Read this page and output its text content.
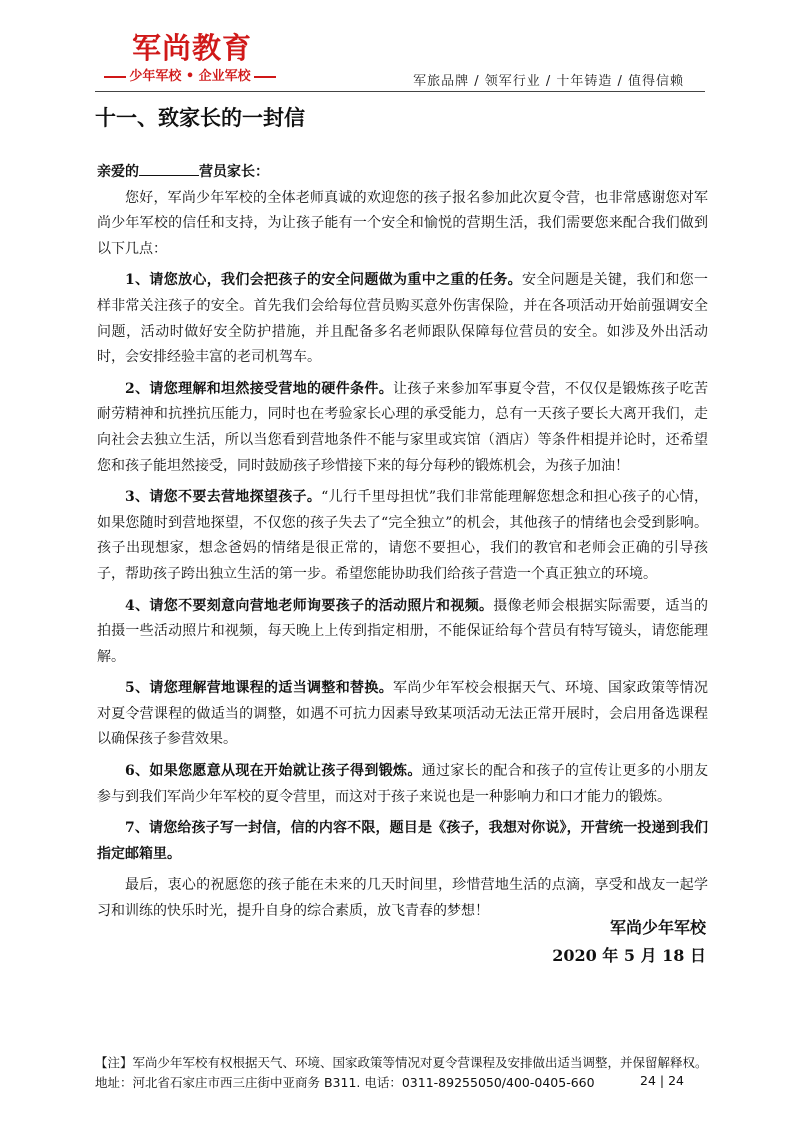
军尚教育
少年军校 • 企业军校	军旅品牌 / 领军行业 / 十年铸造 / 值得信赖
十一、致家长的一封信

亲爱的	营员家长：

您好，军尚少年军校的全体老师真诚的欢迎您的孩子报名参加此次夏令营，也非常感谢您对军尚少年军校的信任和支持，为让孩子能有一个安全和愉悦的营期生活，我们需要您来配合我们做到以下几点：

1、请您放心，我们会把孩子的安全问题做为重中之重的任务。安全问题是关键，我们和您一样非常关注孩子的安全。首先我们会给每位营员购买意外伤害保险，并在各项活动开始前强调安全问题，活动时做好安全防护措施，并且配备多名老师跟队保障每位营员的安全。如涉及外出活动时，会安排经验丰富的老司机驾车。

2、请您理解和坦然接受营地的硬件条件。让孩子来参加军事夏令营，不仅仅是锻炼孩子吃苦耐劳精神和抗挫抗压能力，同时也在考验家长心理的承受能力，总有一天孩子要长大离开我们，走向社会去独立生活，所以当您看到营地条件不能与家里或宾馆（酒店）等条件相提并论时，还希望您和孩子能坦然接受，同时鼓励孩子珍惜接下来的每分每秒的锻炼机会，为孩子加油！

3、请您不要去营地探望孩子。“儿行千里母担忧”我们非常能理解您想念和担心孩子的心情，如果您随时到营地探望，不仅您的孩子失去了“完全独立”的机会，其他孩子的情绪也会受到影响。孩子出现想家，想念爸妈的情绪是很正常的，请您不要担心，我们的教官和老师会正确的引导孩子，帮助孩子跨出独立生活的第一步。希望您能协助我们给孩子营造一个真正独立的环境。

4、请您不要刻意向营地老师询要孩子的活动照片和视频。摄像老师会根据实际需要，适当的拍摄一些活动照片和视频，每天晚上上传到指定相册，不能保证给每个营员有特写镜头，请您能理解。

5、请您理解营地课程的适当调整和替换。军尚少年军校会根据天气、环境、国家政策等情况对夏令营课程的做适当的调整，如遇不可抗力因素导致某项活动无法正常开展时，会启用备选课程以确保孩子参营效果。

6、如果您愿意从现在开始就让孩子得到锻炼。通过家长的配合和孩子的宣传让更多的小朋友参与到我们军尚少年军校的夏令营里，而这对于孩子来说也是一种影响力和口才能力的锻炼。

7、请您给孩子写一封信，信的内容不限，题目是《孩子，我想对你说》，开营统一投递到我们指定邮箱里。

最后，衷心的祝愿您的孩子能在未来的几天时间里，珍惜营地生活的点滴，享受和战友一起学习和训练的快乐时光，提升自身的综合素质，放飞青春的梦想！

军尚少年军校
2020 年 5 月 18 日
【注】军尚少年军校有权根据天气、环境、国家政策等情况对夏令营课程及安排做出适当调整，并保留解释权。
地址：河北省石家庄市西三庄街中亚商务 B311. 电话：0311-89255050/400-0405-660	24 | 24
